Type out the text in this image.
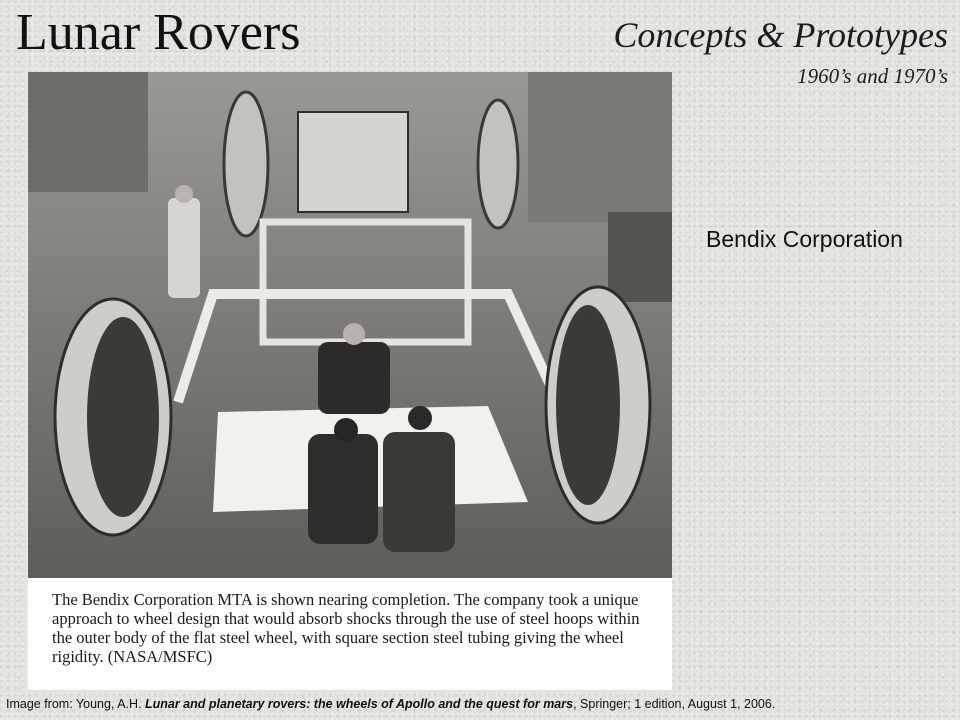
Lunar Rovers	Concepts & Prototypes
1960’s and 1970’s
Bendix Corporation

The Bendix Corporation MTA is shown nearing completion. The company took a unique approach to wheel design that would absorb shocks through the use of steel hoops within the outer body of the flat steel wheel, with square section steel tubing giving the wheel rigidity. (NASA/MSFC)

Image from: Young, A.H. Lunar and planetary rovers: the wheels of Apollo and the quest for mars, Springer; 1 edition, August 1, 2006.
